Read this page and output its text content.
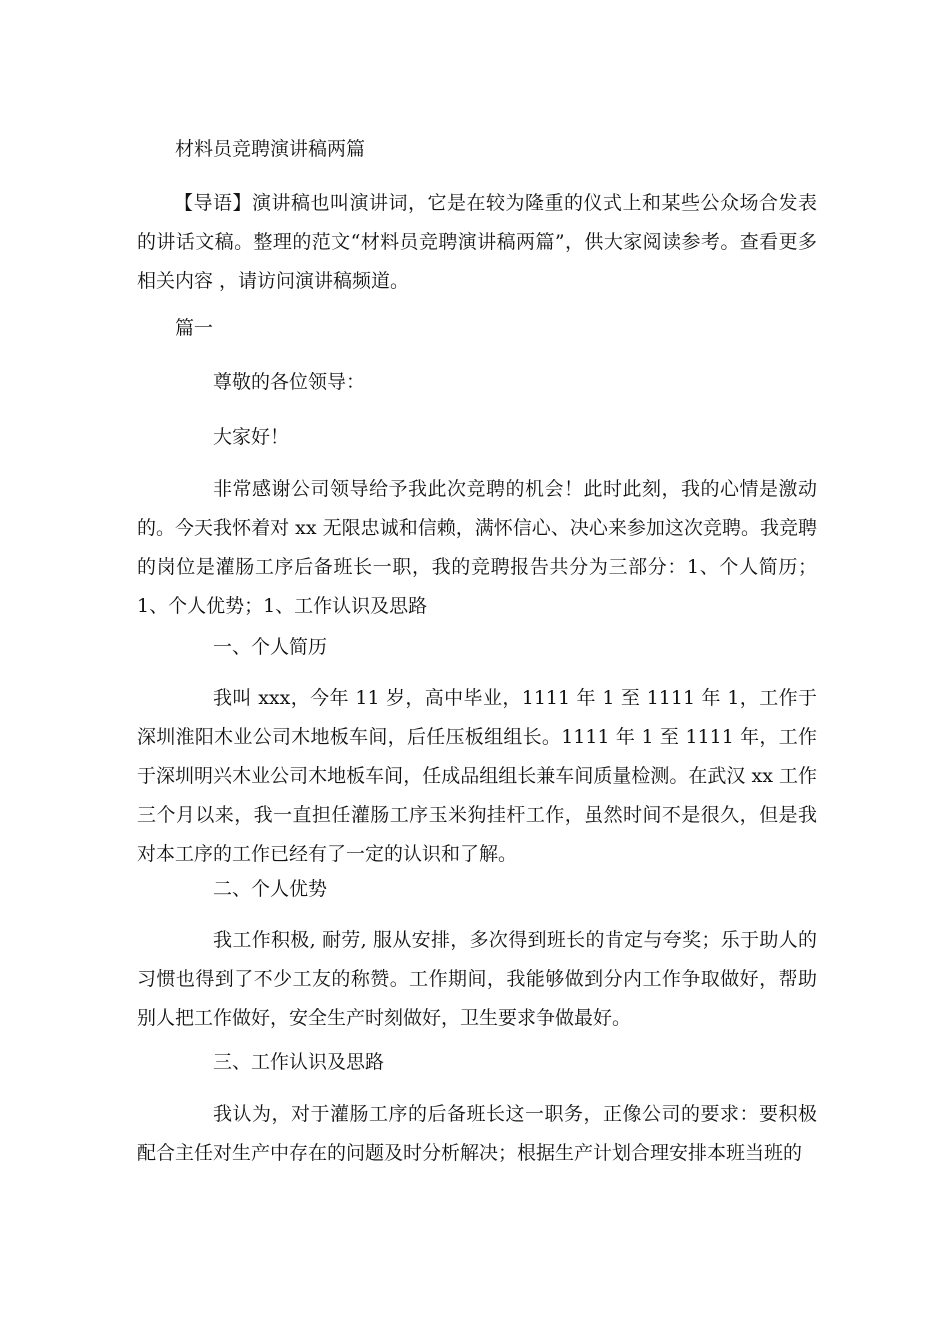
材料员竞聘演讲稿两篇

【导语】演讲稿也叫演讲词，它是在较为隆重的仪式上和某些公众场合发表的讲话文稿。整理的范文“材料员竞聘演讲稿两篇”，供大家阅读参考。查看更多相关内容 ，请访问演讲稿频道。

篇一
尊敬的各位领导：
大家好！

非常感谢公司领导给予我此次竞聘的机会！此时此刻，我的心情是激动的。今天我怀着对 xx 无限忠诚和信赖，满怀信心、决心来参加这次竞聘。我竞聘的岗位是灌肠工序后备班长一职，我的竞聘报告共分为三部分：1、个人简历；1、个人优势；1、工作认识及思路

一、个人简历

我叫 xxx，今年 11 岁，高中毕业，1111 年 1 至 1111 年 1，工作于深圳淮阳木业公司木地板车间，后任压板组组长。1111 年 1 至 1111 年，工作于深圳明兴木业公司木地板车间，任成品组组长兼车间质量检测。在武汉 xx 工作三个月以来，我一直担任灌肠工序玉米狗挂杆工作，虽然时间不是很久，但是我对本工序的工作已经有了一定的认识和了解。

二、个人优势

我工作积极, 耐劳, 服从安排，多次得到班长的肯定与夸奖；乐于助人的习惯也得到了不少工友的称赞。工作期间，我能够做到分内工作争取做好，帮助别人把工作做好，安全生产时刻做好，卫生要求争做最好。

三、工作认识及思路

我认为，对于灌肠工序的后备班长这一职务，正像公司的要求：要积极配合主任对生产中存在的问题及时分析解决；根据生产计划合理安排本班当班的
